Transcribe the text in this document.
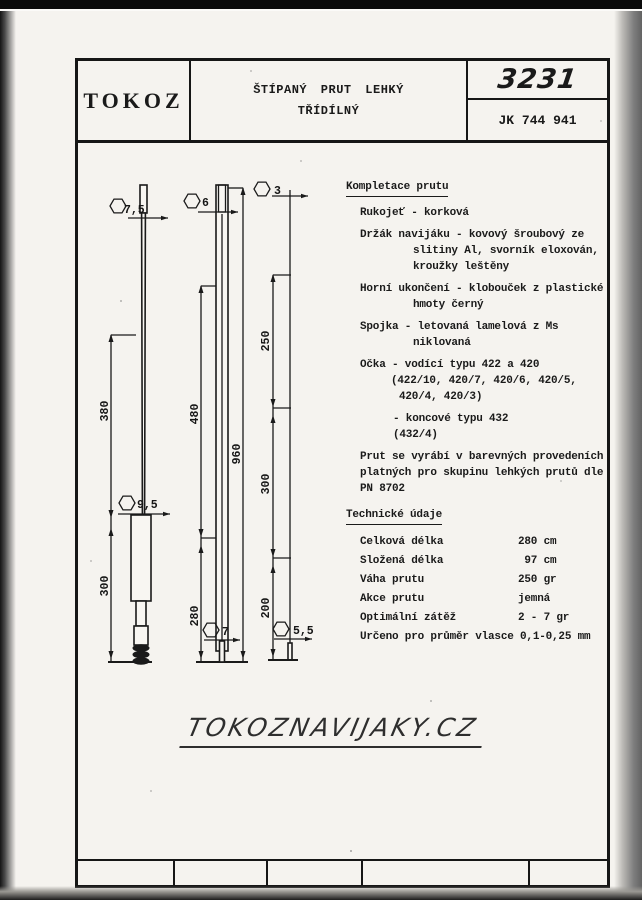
TOKOZ	ŠTÍPANÝ PRUT LEHKÝ
TŘÍDÍLNÝ
3231
JK 744 941
7,5
380
300
9,5
6
480
960
280
7
3
250
300
200
5,5
Kompletace prutu
Rukojeť - korková
Držák navijáku - kovový šroubový ze
slitiny Al, svorník eloxován,
kroužky leštěny
Horní ukončení - klobouček z plastické
hmoty černý
Spojka - letovaná lamelová z Ms
niklovaná
Očka - vodící typu 422 a 420
(422/10, 420/7, 420/6, 420/5,
420/4, 420/3)
- koncové typu 432
(432/4)
Prut se vyrábí v barevných provedeních
platných pro skupinu lehkých prutů dle
PN 8702
Technické údaje
Celková délka	280 cm
Složená délka	97 cm
Váha prutu	250 gr
Akce prutu	jemná
Optimální zátěž	2 - 7 gr
Určeno pro průměr vlasce 0,1-0,25 mm
TOKOZNAVIJAKY.CZ
